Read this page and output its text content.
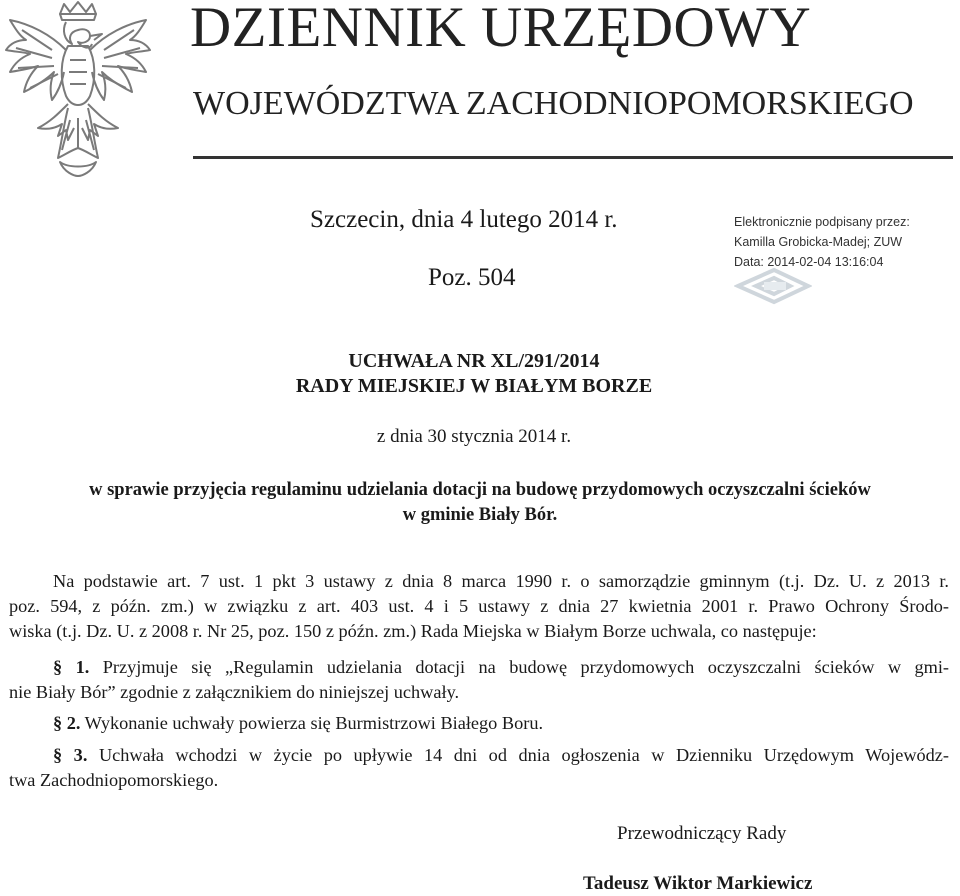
DZIENNIK URZĘDOWY
WOJEWÓDZTWA ZACHODNIOPOMORSKIEGO
Szczecin, dnia 4 lutego 2014 r.
Poz. 504
Elektronicznie podpisany przez:
Kamilla Grobicka-Madej; ZUW
Data: 2014-02-04 13:16:04
UCHWAŁA NR XL/291/2014
RADY MIEJSKIEJ W BIAŁYM BORZE
z dnia 30 stycznia 2014 r.
w sprawie przyjęcia regulaminu udzielania dotacji na budowę przydomowych oczyszczalni ścieków
w gminie Biały Bór.
Na podstawie art. 7 ust. 1 pkt 3 ustawy z dnia 8 marca 1990 r. o samorządzie gminnym (t.j. Dz. U. z 2013 r.
poz. 594, z późn. zm.) w związku z art. 403 ust. 4 i 5 ustawy z dnia 27 kwietnia 2001 r. Prawo Ochrony Środo-
wiska (t.j. Dz. U. z 2008 r. Nr 25, poz. 150 z późn. zm.) Rada Miejska w Białym Borze uchwala, co następuje:
§ 1. Przyjmuje się „Regulamin udzielania dotacji na budowę przydomowych oczyszczalni ścieków w gmi-
nie Biały Bór” zgodnie z załącznikiem do niniejszej uchwały.
§ 2. Wykonanie uchwały powierza się Burmistrzowi Białego Boru.
§ 3. Uchwała wchodzi w życie po upływie 14 dni od dnia ogłoszenia w Dzienniku Urzędowym Wojewódz-
twa Zachodniopomorskiego.
Przewodniczący Rady
Tadeusz Wiktor Markiewicz
